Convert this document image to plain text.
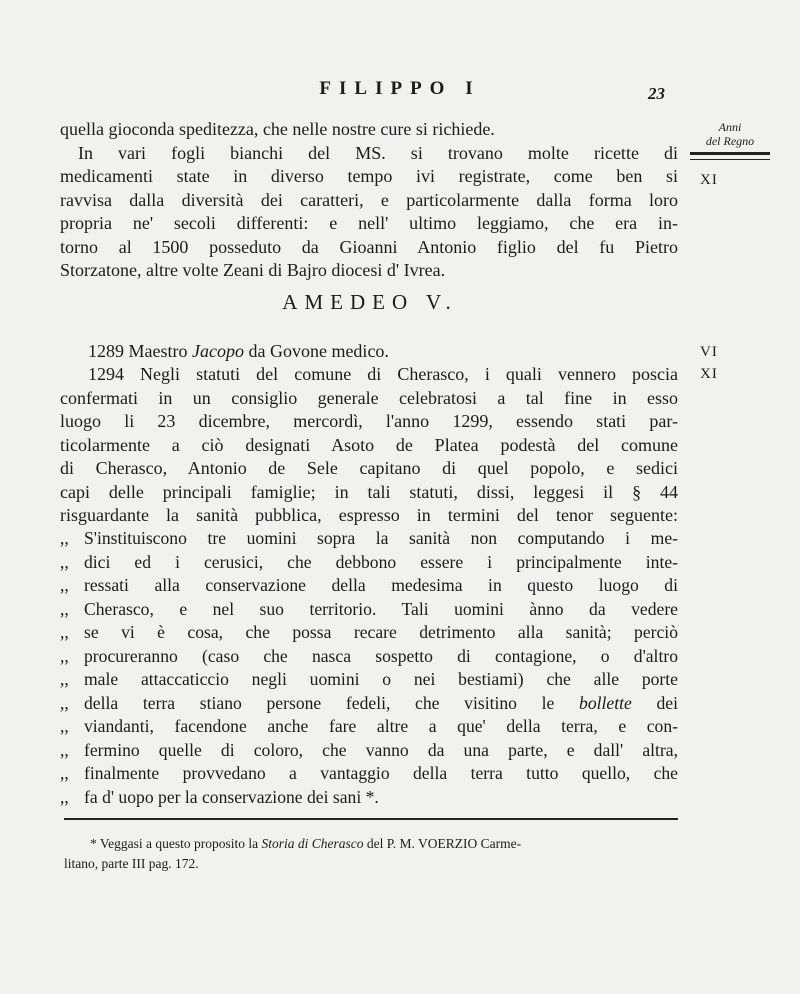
FILIPPO I	23
Anni
del Regno
XI
VI
XI
quella gioconda speditezza, che nelle nostre cure si richiede.
In vari fogli bianchi del MS. si trovano molte ricette di
medicamenti state in diverso tempo ivi registrate, come ben si
ravvisa dalla diversità dei caratteri, e particolarmente dalla forma loro
propria ne' secoli differenti: e nell' ultimo leggiamo, che era in-
torno al 1500 posseduto da Gioanni Antonio figlio del fu Pietro
Storzatone, altre volte Zeani di Bajro diocesi d' Ivrea.
AMEDEO V.
1289 Maestro Jacopo da Govone medico.
1294 Negli statuti del comune di Cherasco, i quali vennero poscia
confermati in un consiglio generale celebratosi a tal fine in esso
luogo li 23 dicembre, mercordì, l'anno 1299, essendo stati par-
ticolarmente a ciò designati Asoto de Platea podestà del comune
di Cherasco, Antonio de Sele capitano di quel popolo, e sedici
capi delle principali famiglie; in tali statuti, dissi, leggesi il § 44
risguardante la sanità pubblica, espresso in termini del tenor seguente:
,, S'instituiscono tre uomini sopra la sanità non computando i me-
,, dici ed i cerusici, che debbono essere i principalmente inte-
,, ressati alla conservazione della medesima in questo luogo di
,, Cherasco, e nel suo territorio. Tali uomini ànno da vedere
,, se vi è cosa, che possa recare detrimento alla sanità; perciò
,, procureranno (caso che nasca sospetto di contagione, o d'altro
,, male attaccaticcio negli uomini o nei bestiami) che alle porte
,, della terra stiano persone fedeli, che visitino le bollette dei
,, viandanti, facendone anche fare altre a que' della terra, e con-
,, fermino quelle di coloro, che vanno da una parte, e dall' altra,
,, finalmente provvedano a vantaggio della terra tutto quello, che
,, fa d' uopo per la conservazione dei sani *.
* Veggasi a questo proposito la Storia di Cherasco del P. M. VOERZIO Carme-
litano, parte III pag. 172.
